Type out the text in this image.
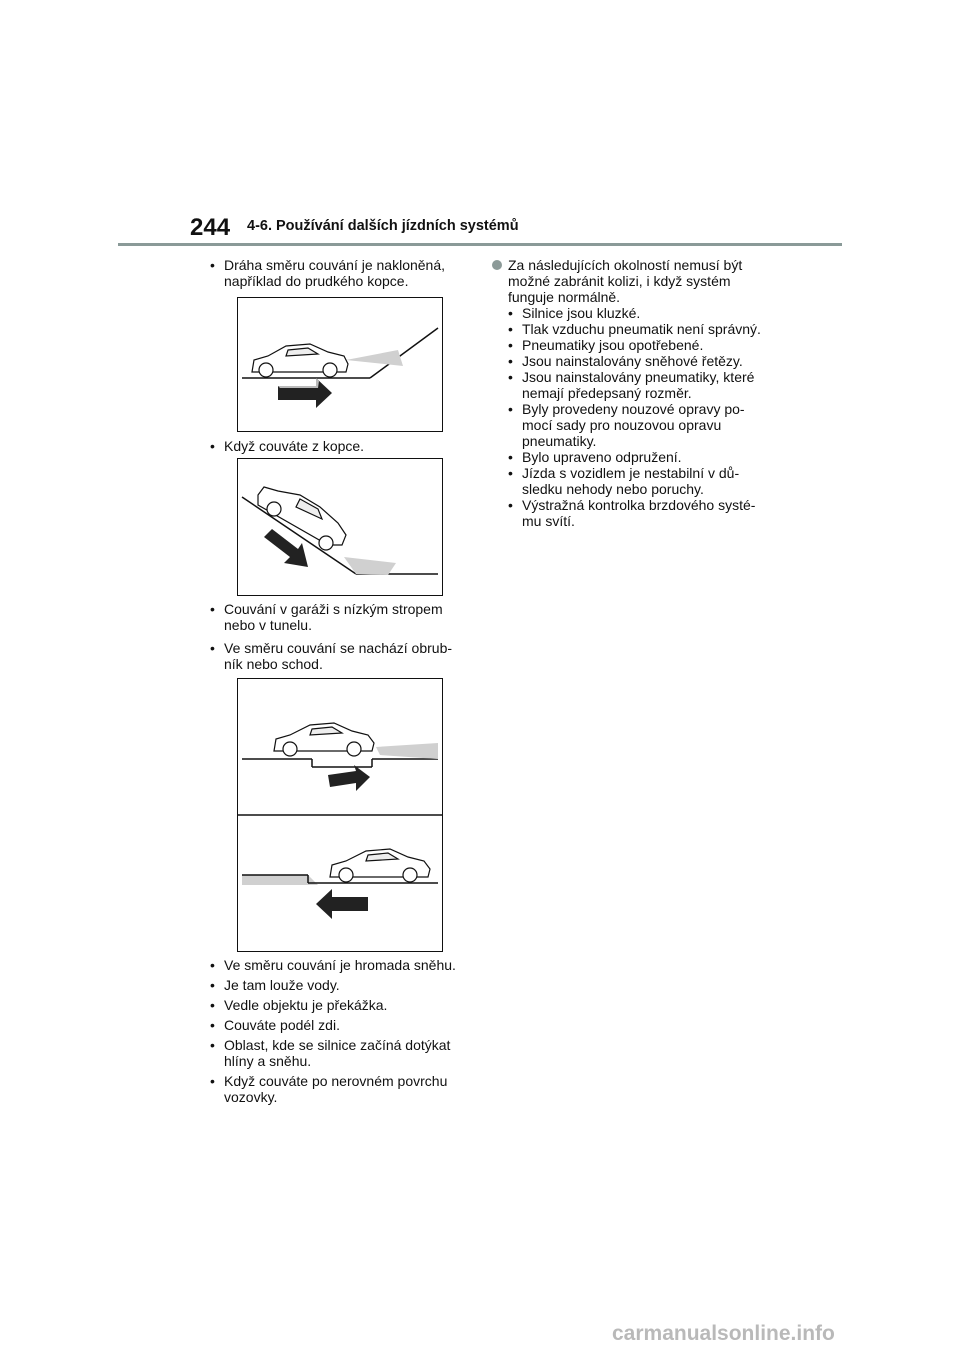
244 4-6. Používání dalších jízdních systémů
• Dráha směru couvání je nakloněná,
například do prudkého kopce.
• Když couváte z kopce.
• Couvání v garáži s nízkým stropem
nebo v tunelu.
• Ve směru couvání se nachází obrub-
ník nebo schod.
• Ve směru couvání je hromada sněhu.
• Je tam louže vody.
• Vedle objektu je překážka.
• Couváte podél zdi.
• Oblast, kde se silnice začíná dotýkat
hlíny a sněhu.
• Když couváte po nerovném povrchu
vozovky.
Za následujících okolností nemusí být
možné zabránit kolizi, i když systém
funguje normálně.
• Silnice jsou kluzké.
• Tlak vzduchu pneumatik není správný.
• Pneumatiky jsou opotřebené.
• Jsou nainstalovány sněhové řetězy.
• Jsou nainstalovány pneumatiky, které
nemají předepsaný rozměr.
• Byly provedeny nouzové opravy po-
mocí sady pro nouzovou opravu
pneumatiky.
• Bylo upraveno odpružení.
• Jízda s vozidlem je nestabilní v dů-
sledku nehody nebo poruchy.
• Výstražná kontrolka brzdového systé-
mu svítí.
carmanualsonline.info
